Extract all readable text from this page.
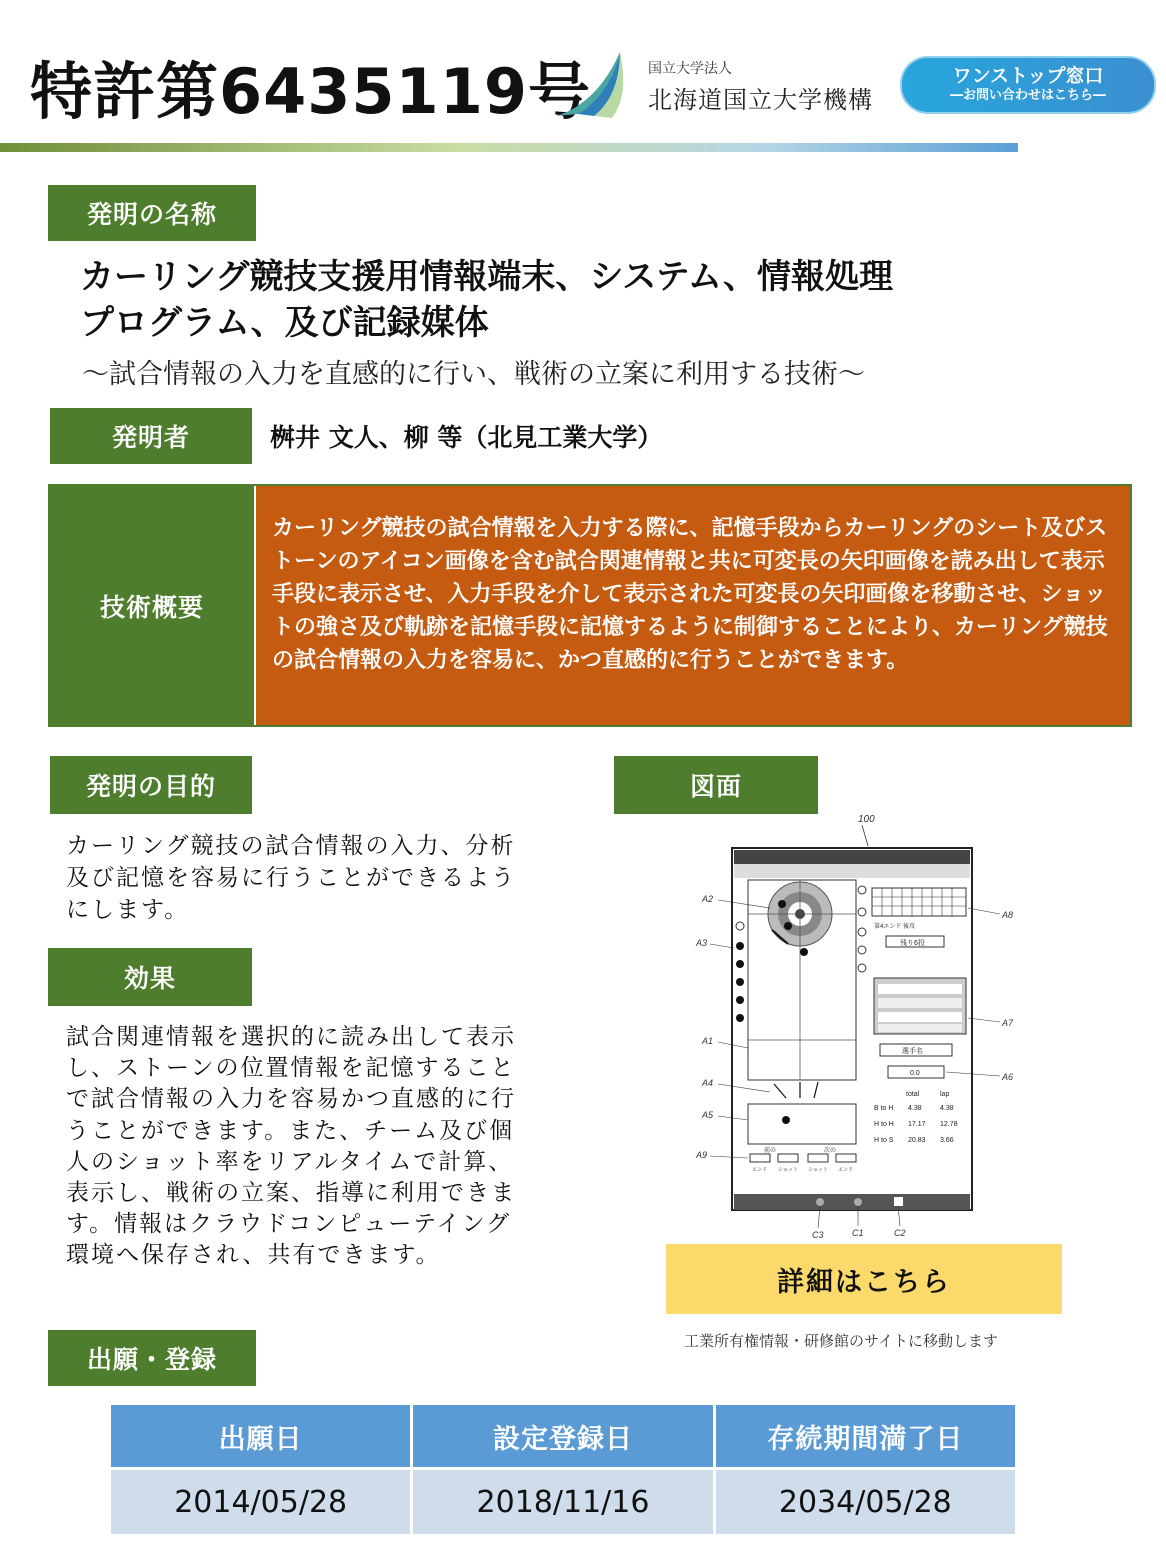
特許第6435119号	国立大学法人
北海道国立大学機構
ワンストップ窓口
―お問い合わせはこちら―
発明の名称
カーリング競技支援用情報端末、システム、情報処理
プログラム、及び記録媒体
～試合情報の入力を直感的に行い、戦術の立案に利用する技術～
発明者	桝井 文人、柳 等（北見工業大学）
技術概要
カーリング競技の試合情報を入力する際に、記憶手段からカーリングのシート及びストーンのアイコン画像を含む試合関連情報と共に可変長の矢印画像を読み出して表示手段に表示させ、入力手段を介して表示された可変長の矢印画像を移動させ、ショットの強さ及び軌跡を記憶手段に記憶するように制御することにより、カーリング競技の試合情報の入力を容易に、かつ直感的に行うことができます。
発明の目的
カーリング競技の試合情報の入力、分析及び記憶を容易に行うことができるようにします。
効果
試合関連情報を選択的に読み出して表示し、ストーンの位置情報を記憶することで試合情報の入力を容易かつ直感的に行うことができます。また、チーム及び個人のショット率をリアルタイムで計算、表示し、戦術の立案、指導に利用できます。情報はクラウドコンピューテイング環境へ保存され、共有できます。
図面
100
前の	次の
エンド ショット ショット エンド
第4エンド 後攻
残り6投
選手名
0.0
total	lap
B to H 4.38	4.38
H to H 17.17 12.78
H to S 20.83 3.66
A2
A3
A1
A4
A5
A9
A8
A7
A6
C3	C1	C2
詳細はこちら
工業所有権情報・研修館のサイトに移動します
出願・登録
出願日	設定登録日	存続期間満了日
2014/05/28	2018/11/16	2034/05/28
